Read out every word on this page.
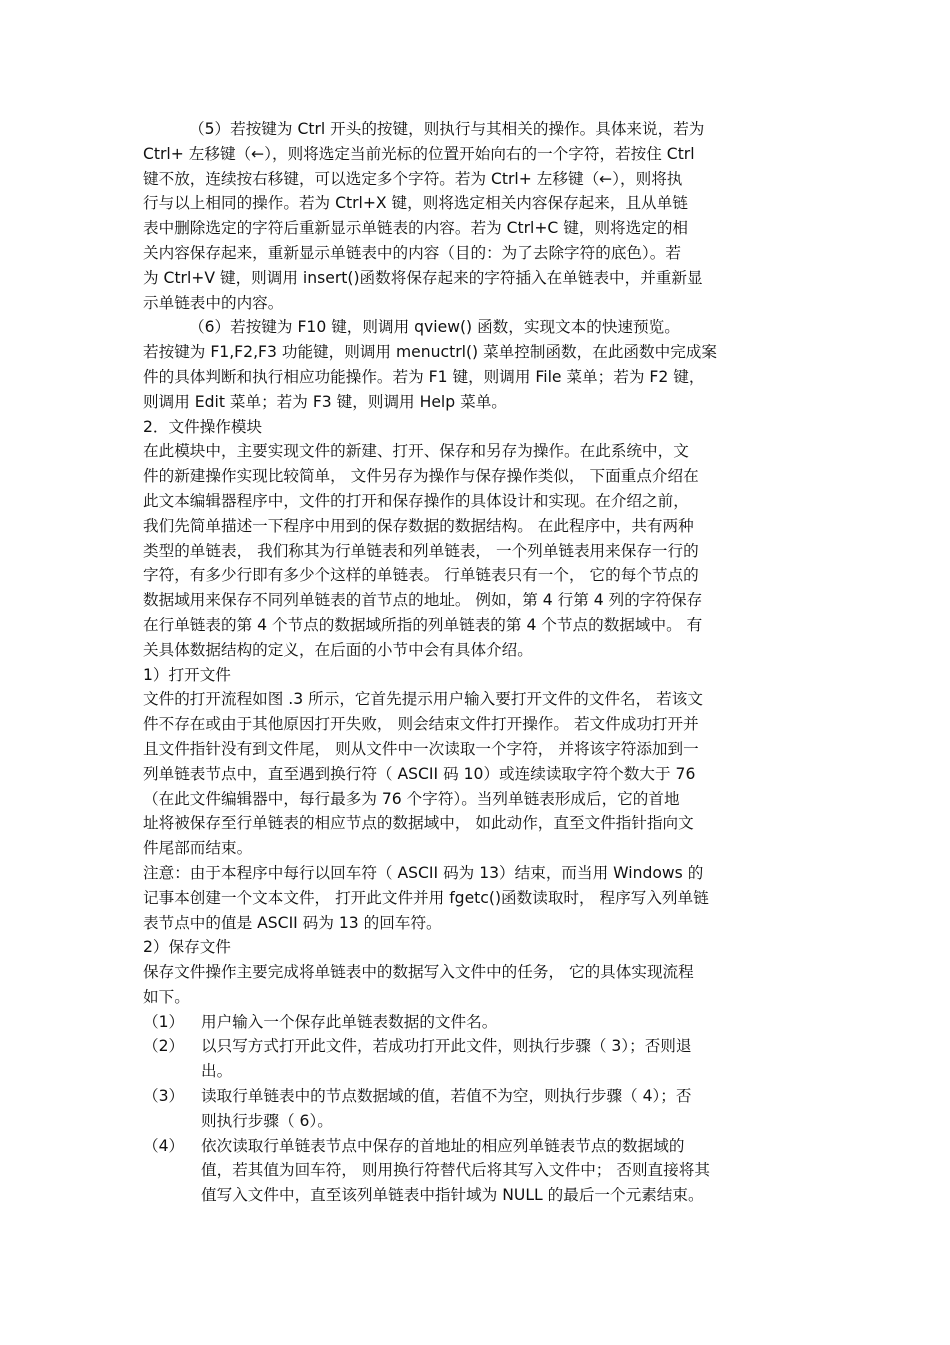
（5）若按键为 Ctrl 开头的按键，则执行与其相关的操作。具体来说，若为
Ctrl+ 左移键（←），则将选定当前光标的位置开始向右的一个字符，若按住 Ctrl
键不放，连续按右移键，可以选定多个字符。若为 Ctrl+ 左移键（←），则将执
行与以上相同的操作。若为 Ctrl+X 键，则将选定相关内容保存起来，且从单链
表中删除选定的字符后重新显示单链表的内容。若为 Ctrl+C 键，则将选定的相
关内容保存起来，重新显示单链表中的内容（目的：为了去除字符的底色）。若
为 Ctrl+V 键，则调用 insert()函数将保存起来的字符插入在单链表中，并重新显
示单链表中的内容。
（6）若按键为 F10 键，则调用 qview() 函数，实现文本的快速预览。
若按键为 F1,F2,F3 功能键，则调用 menuctrl() 菜单控制函数，在此函数中完成案
件的具体判断和执行相应功能操作。若为 F1 键，则调用 File 菜单；若为 F2 键，
则调用 Edit 菜单；若为 F3 键，则调用 Help 菜单。
2．文件操作模块
在此模块中，主要实现文件的新建、打开、保存和另存为操作。在此系统中，文
件的新建操作实现比较简单， 文件另存为操作与保存操作类似， 下面重点介绍在
此文本编辑器程序中，文件的打开和保存操作的具体设计和实现。在介绍之前，
我们先简单描述一下程序中用到的保存数据的数据结构。 在此程序中，共有两种
类型的单链表， 我们称其为行单链表和列单链表， 一个列单链表用来保存一行的
字符，有多少行即有多少个这样的单链表。 行单链表只有一个， 它的每个节点的
数据域用来保存不同列单链表的首节点的地址。 例如，第 4 行第 4 列的字符保存
在行单链表的第 4 个节点的数据域所指的列单链表的第 4 个节点的数据域中。 有
关具体数据结构的定义，在后面的小节中会有具体介绍。
1）打开文件
文件的打开流程如图 .3 所示，它首先提示用户输入要打开文件的文件名， 若该文
件不存在或由于其他原因打开失败， 则会结束文件打开操作。 若文件成功打开并
且文件指针没有到文件尾， 则从文件中一次读取一个字符， 并将该字符添加到一
列单链表节点中，直至遇到换行符（ ASCII 码 10）或连续读取字符个数大于 76
（在此文件编辑器中，每行最多为 76 个字符）。当列单链表形成后，它的首地
址将被保存至行单链表的相应节点的数据域中， 如此动作，直至文件指针指向文
件尾部而结束。
注意：由于本程序中每行以回车符（ ASCII 码为 13）结束，而当用 Windows 的
记事本创建一个文本文件， 打开此文件并用 fgetc()函数读取时， 程序写入列单链
表节点中的值是 ASCII 码为 13 的回车符。
2）保存文件
保存文件操作主要完成将单链表中的数据写入文件中的任务， 它的具体实现流程
如下。
（1）	用户输入一个保存此单链表数据的文件名。
（2）	以只写方式打开此文件，若成功打开此文件，则执行步骤（ 3）；否则退
出。
（3）	读取行单链表中的节点数据域的值，若值不为空，则执行步骤（ 4）；否
则执行步骤（ 6）。
（4）	依次读取行单链表节点中保存的首地址的相应列单链表节点的数据域的
值，若其值为回车符， 则用换行符替代后将其写入文件中； 否则直接将其
值写入文件中，直至该列单链表中指针域为 NULL 的最后一个元素结束。
